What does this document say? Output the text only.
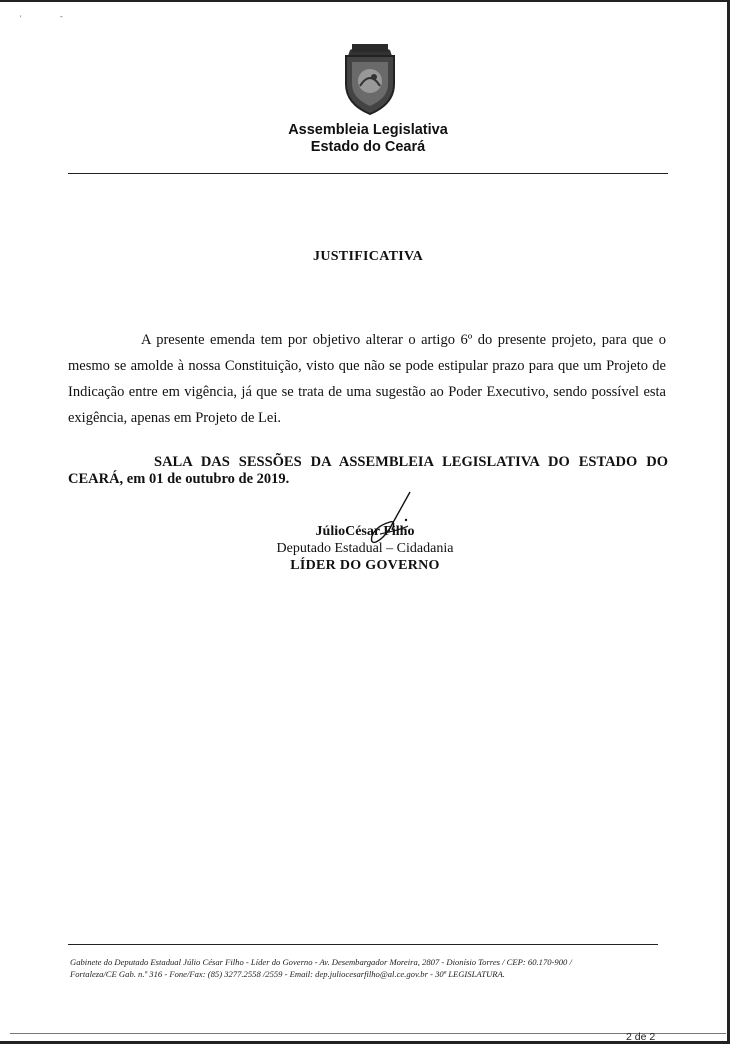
'	-
Assembleia Legislativa
Estado do Ceará
JUSTIFICATIVA

A presente emenda tem por objetivo alterar o artigo 6º do presente projeto, para que o mesmo se amolde à nossa Constituição, visto que não se pode estipular prazo para que um Projeto de Indicação entre em vigência, já que se trata de uma sugestão ao Poder Executivo, sendo possível esta exigência, apenas em Projeto de Lei.

SALA DAS SESSÕES DA ASSEMBLEIA LEGISLATIVA DO ESTADO DO CEARÁ, em 01 de outubro de 2019.
JúlioCésar Filho
Deputado Estadual – Cidadania
LÍDER DO GOVERNO
Gabinete do Deputado Estadual Júlio César Filho - Líder do Governo - Av. Desembargador Moreira, 2807 - Dionísio Torres / CEP: 60.170-900 /
Fortaleza/CE Gab. n.º 316 - Fone/Fax: (85) 3277.2558 /2559 - Email: dep.juliocesarfilho@al.ce.gov.br - 30ª LEGISLATURA.
2 de 2
